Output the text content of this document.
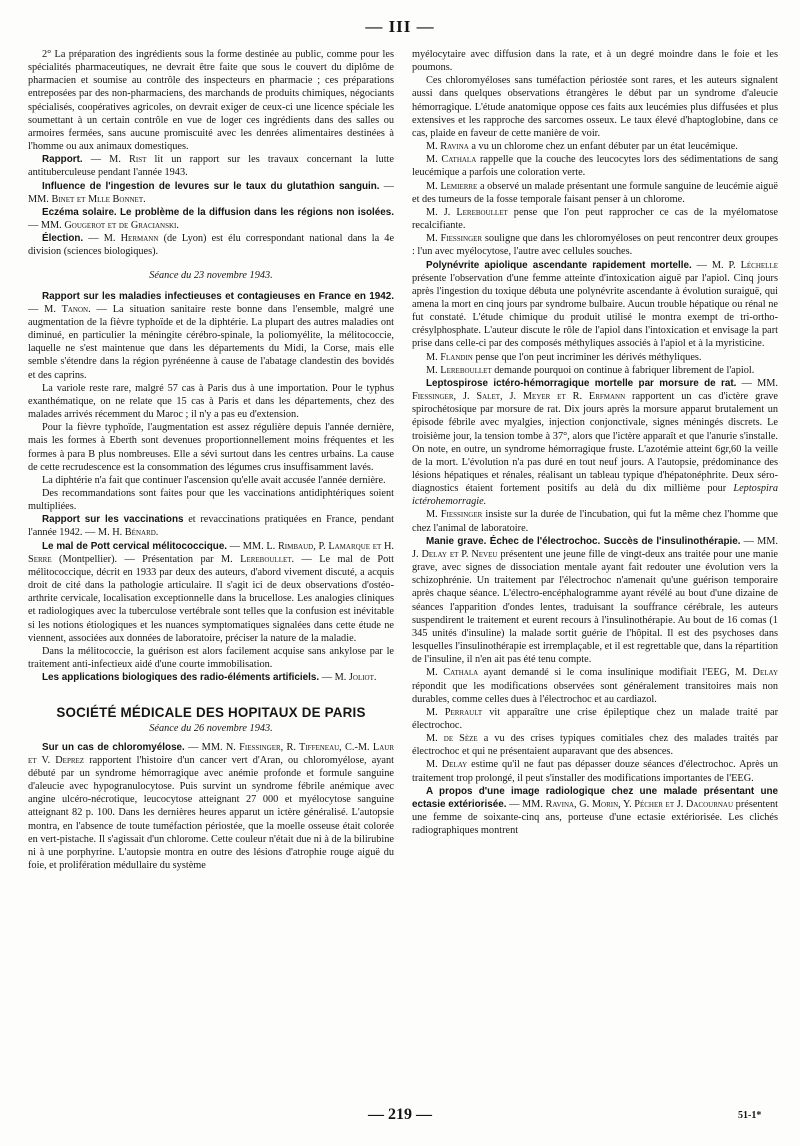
— III —

2° La préparation des ingrédients sous la forme destinée au public, comme pour les spécialités pharmaceutiques, ne devrait être faite que sous le couvert du diplôme de pharmacien et soumise au contrôle des inspecteurs en pharmacie ; ces préparations entreposées par des non-pharmaciens, des marchands de produits chimiques, négociants spécialisés, coopératives agricoles, on devrait exiger de ceux-ci une licence spéciale les soumettant à un certain contrôle en vue de loger ces ingrédients dans des salles ou armoires fermées, sans aucune promiscuité avec les denrées alimentaires destinées à l'homme ou aux animaux domestiques.

Rapport. — M. Rist lit un rapport sur les travaux concernant la lutte antituberculeuse pendant l'année 1943.

Influence de l'ingestion de levures sur le taux du glutathion sanguin. — MM. Binet et Mlle Bonnet.

Eczéma solaire. Le problème de la diffusion dans les régions non isolées. — MM. Gougerot et de Gracianski.

Élection. — M. Hermann (de Lyon) est élu correspondant national dans la 4e division (sciences biologiques).

Séance du 23 novembre 1943.

Rapport sur les maladies infectieuses et contagieuses en France en 1942. — M. Tanon. — La situation sanitaire reste bonne dans l'ensemble, malgré une augmentation de la fièvre typhoïde et de la diphtérie. La plupart des autres maladies ont diminué, en particulier la méningite cérébro-spinale, la poliomyélite, la mélitococcie, laquelle ne s'est maintenue que dans les départements du Midi, la Corse, mais elle semble s'étendre dans la région pyrénéenne à cause de l'abatage clandestin des bovidés et des caprins.

La variole reste rare, malgré 57 cas à Paris dus à une importation. Pour le typhus exanthématique, on ne relate que 15 cas à Paris et dans les départements, chez des malades arrivés récemment du Maroc ; il n'y a pas eu d'extension.

Pour la fièvre typhoïde, l'augmentation est assez régulière depuis l'année dernière, mais les formes à Eberth sont devenues proportionnellement moins fréquentes et les formes à para B plus nombreuses. Elle a sévi surtout dans les centres urbains. La cause de cette recrudescence est la consommation des légumes crus insuffisamment lavés.

La diphtérie n'a fait que continuer l'ascension qu'elle avait accusée l'année dernière.

Des recommandations sont faites pour que les vaccinations antidiphtériques soient multipliées.

Rapport sur les vaccinations et revaccinations pratiquées en France, pendant l'année 1942. — M. H. Bénard.

Le mal de Pott cervical mélitococcique. — MM. L. Rimbaud, P. Lamarque et H. Serre (Montpellier). — Présentation par M. Lereboullet. — Le mal de Pott mélitococcique, décrit en 1933 par deux des auteurs, d'abord vivement discuté, a acquis droit de cité dans la pathologie articulaire. Il s'agit ici de deux observations d'ostéo-arthrite cervicale, localisation exceptionnelle dans la brucellose. Les analogies cliniques et radiologiques avec la tuberculose vertébrale sont telles que la confusion est inévitable si les notions étiologiques et les nuances symptomatiques signalées dans cette étude ne viennent, associées aux données de laboratoire, préciser la nature de la maladie.

Dans la mélitococcie, la guérison est alors facilement acquise sans ankylose par le traitement anti-infectieux aidé d'une courte immobilisation.

Les applications biologiques des radio-éléments artificiels. — M. Joliot.

SOCIÉTÉ MÉDICALE DES HOPITAUX DE PARIS
Séance du 26 novembre 1943.

Sur un cas de chloromyélose. — MM. N. Fiessinger, R. Tiffeneau, C.-M. Laur et V. Deprez rapportent l'histoire d'un cancer vert d'Aran, ou chloromyélose, ayant débuté par un syndrome hémorragique avec anémie profonde et formule sanguine d'aleucie avec hypogranulocytose. Puis survint un syndrome fébrile anémique avec angine ulcéro-nécrotique, leucocytose atteignant 27 000 et myélocytose sanguine atteignant 82 p. 100. Dans les dernières heures apparut un ictère généralisé. L'autopsie montra, en l'absence de toute tuméfaction périostée, que la moelle osseuse était colorée en vert-pistache. Il s'agissait d'un chlorome. Cette couleur n'était due ni à de la bilirubine ni à une porphyrine. L'autopsie montra en outre des lésions d'atrophie rouge aiguë du foie, et prolifération médullaire du système

myélocytaire avec diffusion dans la rate, et à un degré moindre dans le foie et les poumons.

Ces chloromyéloses sans tuméfaction périostée sont rares, et les auteurs signalent aussi dans quelques observations étrangères le début par un syndrome d'aleucie hémorragique. L'étude anatomique oppose ces faits aux leucémies plus diffusées et plus extensives et les rapproche des sarcomes osseux. Le taux élevé d'haptoglobine, dans ce cas, plaide en faveur de cette manière de voir.

M. Ravina a vu un chlorome chez un enfant débuter par un état leucémique.

M. Cathala rappelle que la couche des leucocytes lors des sédimentations de sang leucémique a parfois une coloration verte.

M. Lemierre a observé un malade présentant une formule sanguine de leucémie aiguë et des tumeurs de la fosse temporale faisant penser à un chlorome.

M. J. Lereboullet pense que l'on peut rapprocher ce cas de la myélomatose recalcifiante.

M. Fiessinger souligne que dans les chloromyéloses on peut rencontrer deux groupes : l'un avec myélocytose, l'autre avec cellules souches.

Polynévrite apiolique ascendante rapidement mortelle. — M. P. Léchelle présente l'observation d'une femme atteinte d'intoxication aiguë par l'apiol. Cinq jours après l'ingestion du toxique débuta une polynévrite ascendante à évolution suraiguë, qui amena la mort en cinq jours par syndrome bulbaire. Aucun trouble hépatique ou rénal ne fut constaté. L'étude chimique du produit utilisé le montra exempt de tri-ortho-crésylphosphate. L'auteur discute le rôle de l'apiol dans l'intoxication et envisage la part prise dans celle-ci par des composés méthyliques associés à l'apiol et à la myristicine.

M. Flandin pense que l'on peut incriminer les dérivés méthyliques.

M. Lereboullet demande pourquoi on continue à fabriquer librement de l'apiol.

Leptospirose ictéro-hémorragique mortelle par morsure de rat. — MM. Fiessinger, J. Salet, J. Meyer et R. Erfmann rapportent un cas d'ictère grave spirochétosique par morsure de rat. Dix jours après la morsure apparut brutalement un épisode fébrile avec myalgies, injection conjonctivale, signes méningés discrets. Le troisième jour, la tension tombe à 37°, alors que l'ictère apparaît et que l'anurie s'installe. On note, en outre, un syndrome hémorragique fruste. L'azotémie atteint 6gr,60 la veille de la mort. L'évolution n'a pas duré en tout neuf jours. A l'autopsie, prédominance des lésions hépatiques et rénales, réalisant un tableau typique d'hépatonéphrite. Deux séro-diagnostics étaient fortement positifs au delà du dix millième pour Leptospira ictérohemorragie.

M. Fiessinger insiste sur la durée de l'incubation, qui fut la même chez l'homme que chez l'animal de laboratoire.

Manie grave. Échec de l'électrochoc. Succès de l'insulinothérapie. — MM. J. Delay et P. Neveu présentent une jeune fille de vingt-deux ans traitée pour une manie grave, avec signes de dissociation mentale ayant fait redouter une évolution vers la schizophrénie. Un traitement par l'électrochoc n'amenait qu'une guérison temporaire après chaque séance. L'électro-encéphalogramme ayant révélé au bout d'une dizaine de séances l'apparition d'ondes lentes, traduisant la souffrance cérébrale, les auteurs suspendirent le traitement et eurent recours à l'insulinothérapie. Au bout de 16 comas (1 345 unités d'insuline) la malade sortit guérie de l'hôpital. Il est des psychoses dans lesquelles l'insulinothérapie est irremplaçable, et il est regrettable que, dans la répartition de l'insuline, il n'en ait pas été tenu compte.

M. Cathala ayant demandé si le coma insulinique modifiait l'EEG, M. Delay répondit que les modifications observées sont généralement transitoires mais non durables, comme celles dues à l'électrochoc et au cardiazol.

M. Perrault vit apparaître une crise épileptique chez un malade traité par électrochoc.

M. de Sèze a vu des crises typiques comitiales chez des malades traités par électrochoc et qui ne présentaient auparavant que des absences.

M. Delay estime qu'il ne faut pas dépasser douze séances d'électrochoc. Après un traitement trop prolongé, il peut s'installer des modifications importantes de l'EEG.

A propos d'une image radiologique chez une malade présentant une ectasie extériorisée. — MM. Ravina, G. Morin, Y. Pécher et J. Dacournau présentent une femme de soixante-cinq ans, porteuse d'une ectasie extériorisée. Les clichés radiographiques montrent

— 219 —	51-1*
